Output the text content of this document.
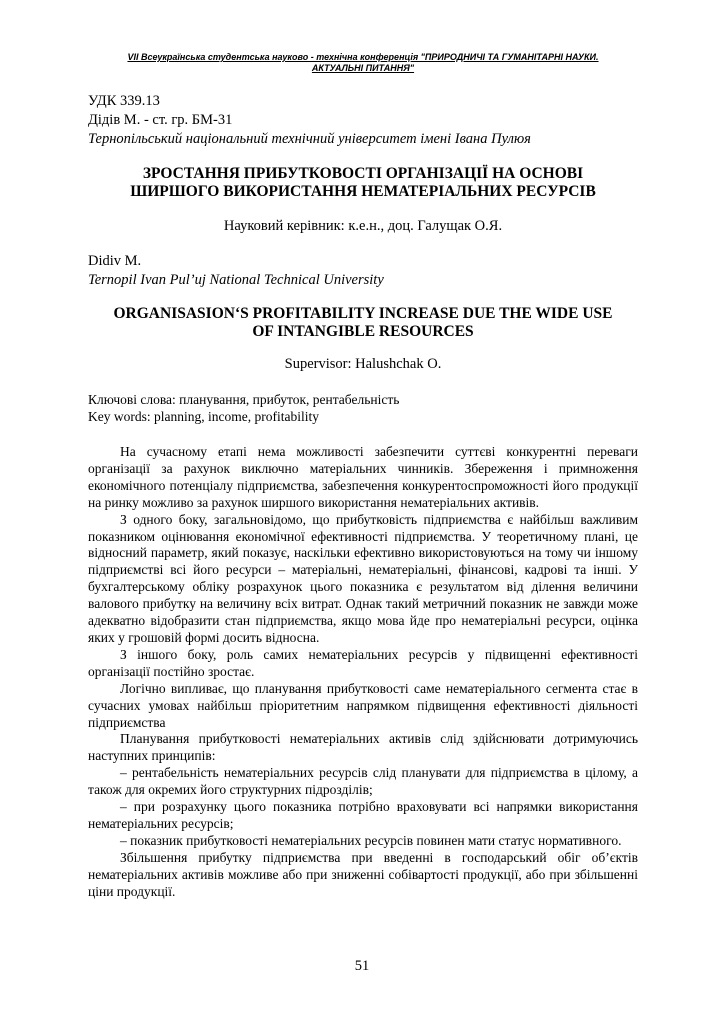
VII Всеукраїнська студентська науково - технічна конференція "ПРИРОДНИЧІ ТА ГУМАНІТАРНІ НАУКИ.
АКТУАЛЬНІ ПИТАННЯ"

УДК 339.13

Дідів М. - ст. гр. БМ-31

Тернопільський національний технічний університет імені Івана Пулюя

ЗРОСТАННЯ ПРИБУТКОВОСТІ ОРГАНІЗАЦІЇ НА ОСНОВІ
ШИРШОГО ВИКОРИСТАННЯ НЕМАТЕРІАЛЬНИХ РЕСУРСІВ

Науковий керівник: к.е.н., доц. Галущак О.Я.

Didiv M.

Ternopil Ivan Pul’uj National Technical University

ORGANISASION‘S PROFITABILITY INCREASE DUE THE WIDE USE
OF INTANGIBLE RESOURCES

Supervisor: Halushchak O.

Ключові слова: планування, прибуток, рентабельність
Key words: planning, income, profitability

На сучасному етапі нема можливості забезпечити суттєві конкурентні переваги організації за рахунок виключно матеріальних чинників. Збереження і примноження економічного потенціалу підприємства, забезпечення конкурентоспроможності його продукції на ринку можливо за рахунок ширшого використання нематеріальних активів.

З одного боку, загальновідомо, що прибутковість підприємства є найбільш важливим показником оцінювання економічної ефективності підприємства. У теоретичному плані, це відносний параметр, який показує, наскільки ефективно використовуються на тому чи іншому підприємстві всі його ресурси – матеріальні, нематеріальні, фінансові, кадрові та інші. У бухгалтерському обліку розрахунок цього показника є результатом від ділення величини валового прибутку на величину всіх витрат. Однак такий метричний показник не завжди може адекватно відобразити стан підприємства, якщо мова йде про нематеріальні ресурси, оцінка яких у грошовій формі досить відносна.

З іншого боку, роль самих нематеріальних ресурсів у підвищенні ефективності організації постійно зростає.

Логічно випливає, що планування прибутковості саме нематеріального сегмента стає в сучасних умовах найбільш пріоритетним напрямком підвищення ефективності діяльності підприємства

Планування прибутковості нематеріальних активів слід здійснювати дотримуючись наступних принципів:

– рентабельність нематеріальних ресурсів слід планувати для підприємства в цілому, а також для окремих його структурних підрозділів;

– при розрахунку цього показника потрібно враховувати всі напрямки використання нематеріальних ресурсів;

– показник прибутковості нематеріальних ресурсів повинен мати статус нормативного.

Збільшення прибутку підприємства при введенні в господарський обіг об’єктів нематеріальних активів можливе або при зниженні собівартості продукції, або при збільшенні ціни продукції.

51
